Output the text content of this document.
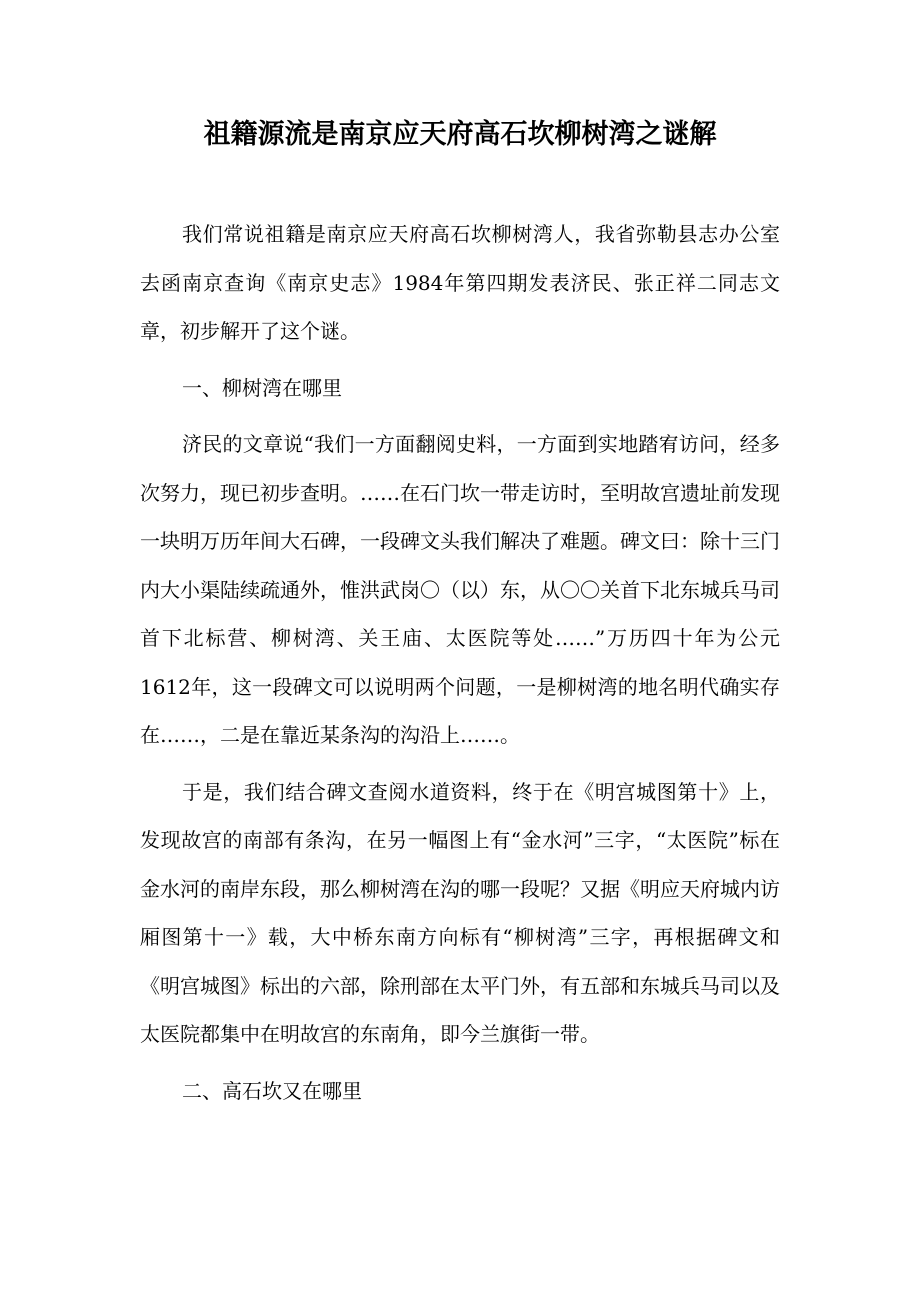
祖籍源流是南京应天府高石坎柳树湾之谜解

我们常说祖籍是南京应天府高石坎柳树湾人，我省弥勒县志办公室去函南京查询《南京史志》1984年第四期发表济民、张正祥二同志文章，初步解开了这个谜。

一、柳树湾在哪里

济民的文章说“我们一方面翻阅史料，一方面到实地踏宥访问，经多次努力，现已初步查明。……在石门坎一带走访时，至明故宫遗址前发现一块明万历年间大石碑，一段碑文头我们解决了难题。碑文曰：除十三门内大小渠陆续疏通外，惟洪武岗〇（以）东，从〇〇关首下北东城兵马司首下北标营、柳树湾、关王庙、太医院等处……”万历四十年为公元1612年，这一段碑文可以说明两个问题，一是柳树湾的地名明代确实存在……，二是在靠近某条沟的沟沿上……。

于是，我们结合碑文查阅水道资料，终于在《明宫城图第十》上，发现故宫的南部有条沟，在另一幅图上有“金水河”三字，“太医院”标在金水河的南岸东段，那么柳树湾在沟的哪一段呢？又据《明应天府城内访厢图第十一》载，大中桥东南方向标有“柳树湾”三字，再根据碑文和《明宫城图》标出的六部，除刑部在太平门外，有五部和东城兵马司以及太医院都集中在明故宫的东南角，即今兰旗街一带。

二、高石坎又在哪里
